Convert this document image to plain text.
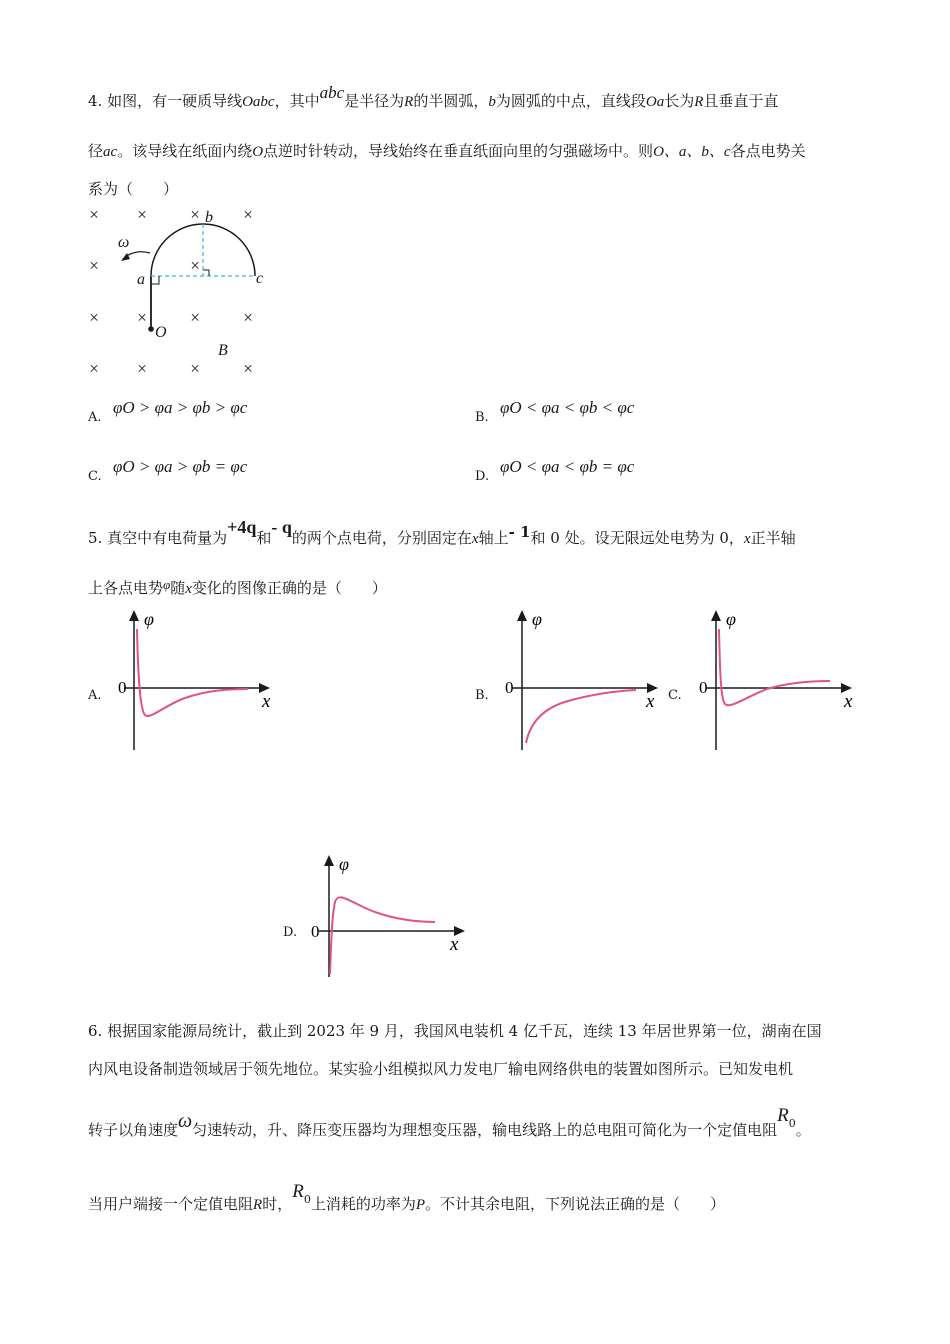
4. 如图，有一硬质导线Oabc，其中abc是半径为R的半圆弧，b为圆弧的中点，直线段Oa长为R且垂直于直
径ac。该导线在纸面内绕O点逆时针转动，导线始终在垂直纸面向里的匀强磁场中。则O、a、b、c各点电势关
系为（　　）
× ×	×	×
×	×
× ×	×	×
× ×	×	×
ω
b
a	c
O
B
A.
φO > φa > φb > φc
B.
φO < φa < φb < φc
C.
φO > φa > φb = φc
D.
φO < φa < φb = φc
5. 真空中有电荷量为+4q和- q的两个点电荷，分别固定在x轴上- 1和 0 处。设无限远处电势为 0，x正半轴
上各点电势φ随x变化的图像正确的是（　　）
A.
φ
0
x	B.
φ
0
x C.
φ
0
x
D.
φ
0
x
6. 根据国家能源局统计，截止到 2023 年 9 月，我国风电装机 4 亿千瓦，连续 13 年居世界第一位，湖南在国
内风电设备制造领域居于领先地位。某实验小组模拟风力发电厂输电网络供电的装置如图所示。已知发电机
转子以角速度ω匀速转动，升、降压变压器均为理想变压器，输电线路上的总电阻可简化为一个定值电阻$R_0$。
当用户端接一个定值电阻R时，$R_0$上消耗的功率为P。不计其余电阻，下列说法正确的是（　　）
